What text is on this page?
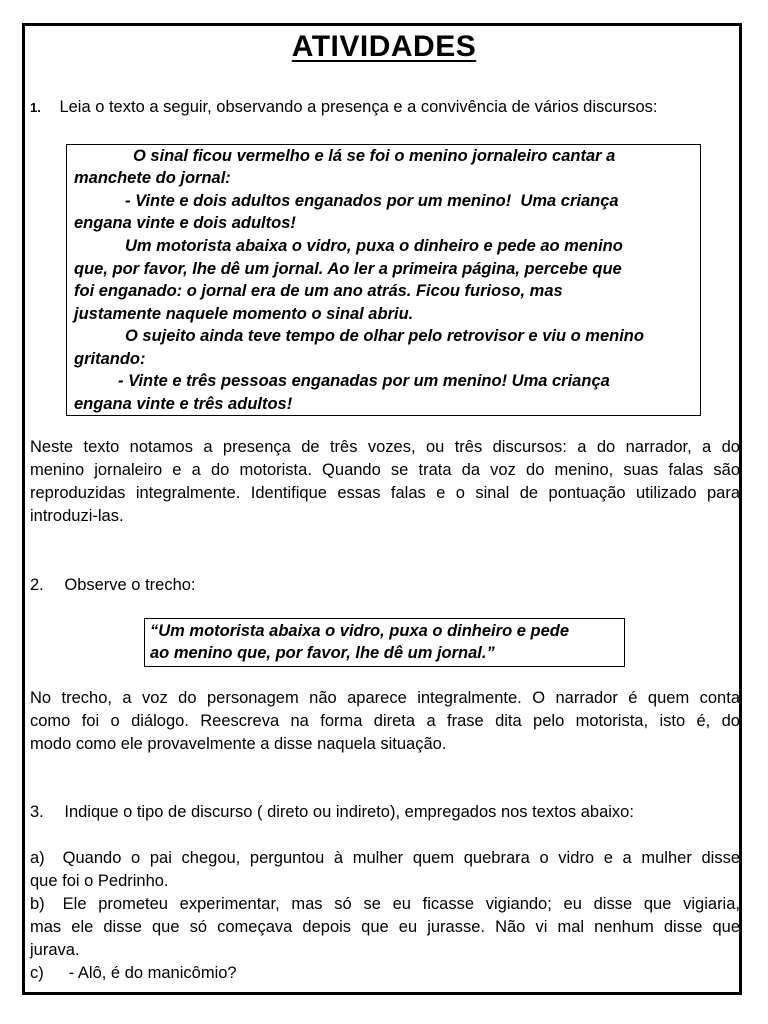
ATIVIDADES
1. Leia o texto a seguir, observando a presença e a convivência de vários discursos:
O sinal ficou vermelho e lá se foi o menino jornaleiro cantar a
manchete do jornal:
- Vinte e dois adultos enganados por um menino!  Uma criança
engana vinte e dois adultos!
Um motorista abaixa o vidro, puxa o dinheiro e pede ao menino
que, por favor, lhe dê um jornal. Ao ler a primeira página, percebe que
foi enganado: o jornal era de um ano atrás. Ficou furioso, mas
justamente naquele momento o sinal abriu.
O sujeito ainda teve tempo de olhar pelo retrovisor e viu o menino
gritando:
- Vinte e três pessoas enganadas por um menino! Uma criança
engana vinte e três adultos!
Neste texto notamos a presença de três vozes, ou três discursos: a do narrador, a do
menino jornaleiro e a do motorista. Quando se trata da voz do menino, suas falas são
reproduzidas integralmente. Identifique essas falas e o sinal de pontuação utilizado para
introduzi-las.
2. Observe o trecho:
“Um motorista abaixa o vidro, puxa o dinheiro e pede
ao menino que, por favor, lhe dê um jornal.”
No trecho, a voz do personagem não aparece integralmente. O narrador é quem conta
como foi o diálogo. Reescreva na forma direta a frase dita pelo motorista, isto é, do
modo como ele provavelmente a disse naquela situação.
3. Indique o tipo de discurso ( direto ou indireto), empregados nos textos abaixo:
a) Quando o pai chegou, perguntou à mulher quem quebrara o vidro e a mulher disse
que foi o Pedrinho.
b) Ele prometeu experimentar, mas só se eu ficasse vigiando; eu disse que vigiaria,
mas ele disse que só começava depois que eu jurasse. Não vi mal nenhum disse que
jurava.
c) - Alô, é do manicômio?
